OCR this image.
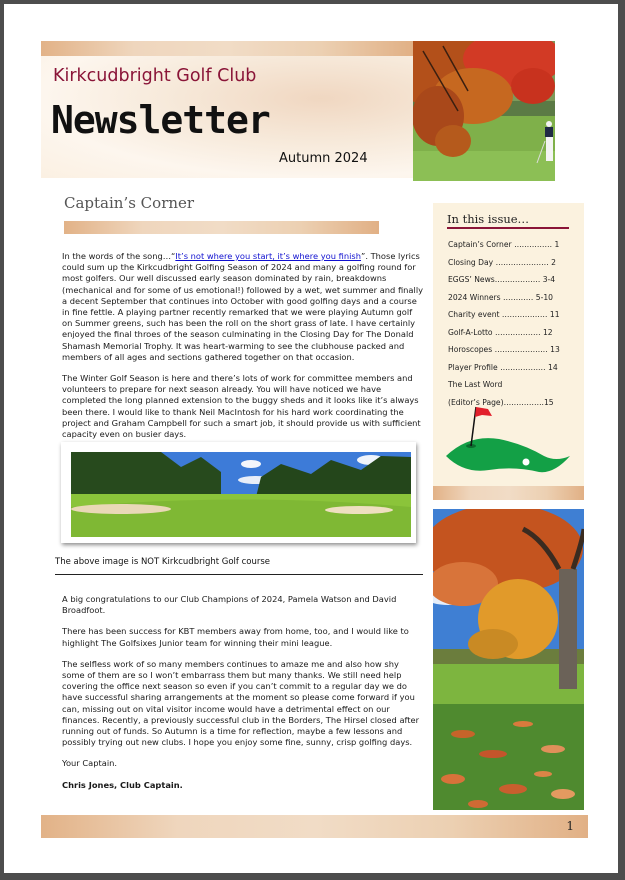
Kirkcudbright Golf Club
Newsletter
Autumn 2024
Captain’s Corner

In the words of the song…“It’s not where you start, it’s where you finish”. Those lyrics could sum up the Kirkcudbright Golfing Season of 2024 and many a golfing round for most golfers. Our well discussed early season dominated by rain, breakdowns (mechanical and for some of us emotional!) followed by a wet, wet summer and finally a decent September that continues into October with good golfing days and a course in fine fettle. A playing partner recently remarked that we were playing Autumn golf on Summer greens, such has been the roll on the short grass of late. I have certainly enjoyed the final throes of the season culminating in the Closing Day for The Donald Shamash Memorial Trophy. It was heart-warming to see the clubhouse packed and members of all ages and sections gathered together on that occasion.

The Winter Golf Season is here and there’s lots of work for committee members and volunteers to prepare for next season already. You will have noticed we have completed the long planned extension to the buggy sheds and it looks like it’s always been there. I would like to thank Neil MacIntosh for his hard work coordinating the project and Graham Campbell for such a smart job, it should provide us with sufficient capacity even on busier days.

The above image is NOT Kirkcudbright Golf course

A big congratulations to our Club Champions of 2024, Pamela Watson and David Broadfoot.

There has been success for KBT members away from home, too, and I would like to highlight The Golfsixes Junior team for winning their mini league.

The selfless work of so many members continues to amaze me and also how shy some of them are so I won’t embarrass them but many thanks. We still need help covering the office next season so even if you can’t commit to a regular day we do have successful sharing arrangements at the moment so please come forward if you can, missing out on vital visitor income would have a detrimental effect on our finances. Recently, a previously successful club in the Borders, The Hirsel closed after running out of funds. So Autumn is a time for reflection, maybe a few lessons and possibly trying out new clubs. I hope you enjoy some fine, sunny, crisp golfing days.

Your Captain.

Chris Jones, Club Captain.

In this issue…
Captain’s Corner …………… 1
Closing Day ………………… 2
EGGS’ News……………… 3-4
2024 Winners ………… 5-10
Charity event ……………… 11
Golf-A-Lotto ……………… 12
Horoscopes ………………… 13
Player Profile ……………… 14
The Last Word
(Editor’s Page)…………….15
1
